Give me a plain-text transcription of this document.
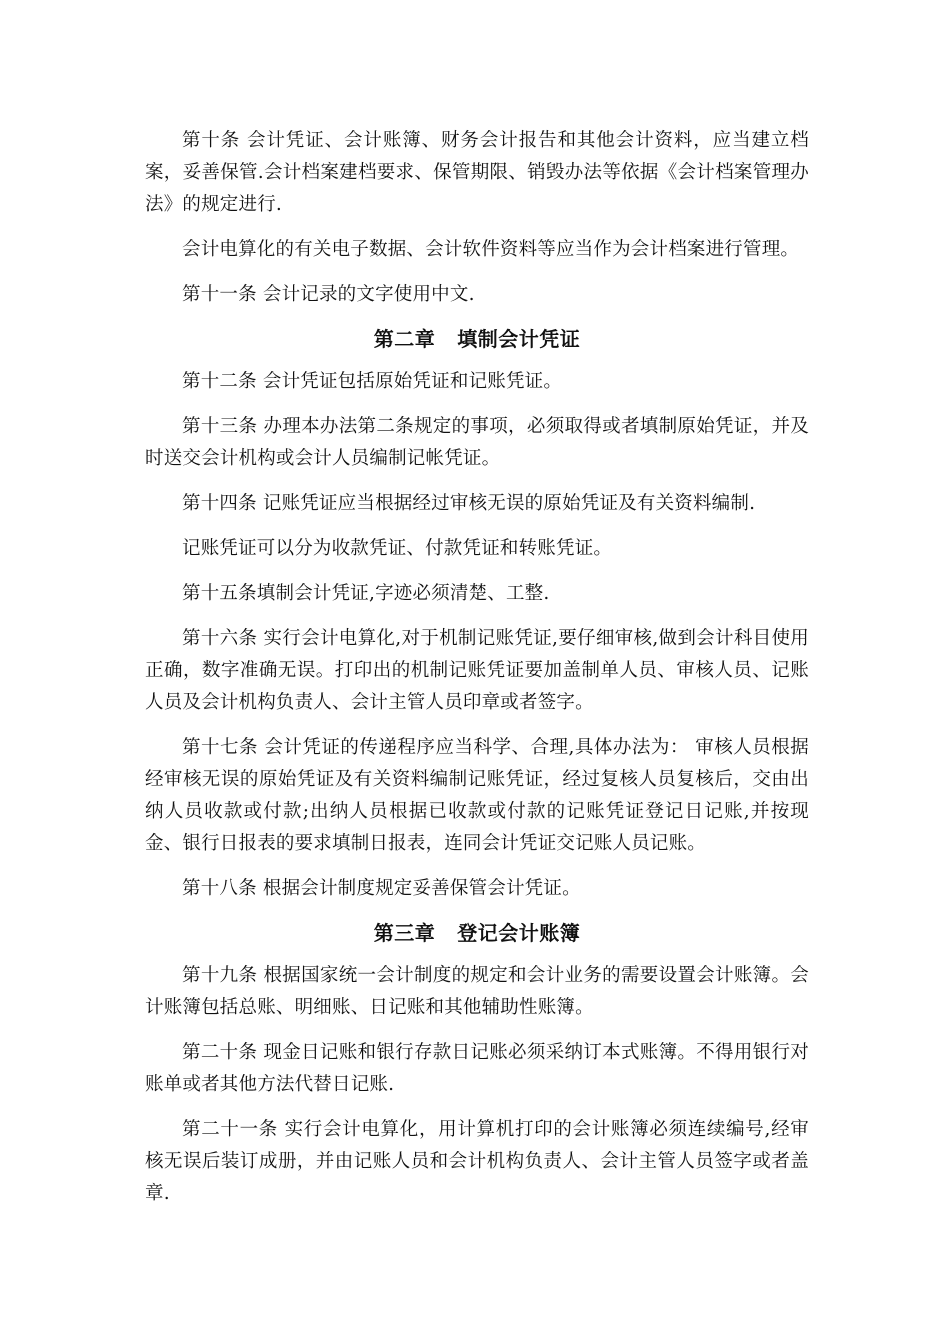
第十条 会计凭证、会计账簿、财务会计报告和其他会计资料，应当建立档案，妥善保管.会计档案建档要求、保管期限、销毁办法等依据《会计档案管理办法》的规定进行.

会计电算化的有关电子数据、会计软件资料等应当作为会计档案进行管理。

第十一条 会计记录的文字使用中文.

第二章 填制会计凭证

第十二条 会计凭证包括原始凭证和记账凭证。

第十三条 办理本办法第二条规定的事项，必须取得或者填制原始凭证，并及时送交会计机构或会计人员编制记帐凭证。

第十四条 记账凭证应当根据经过审核无误的原始凭证及有关资料编制.

记账凭证可以分为收款凭证、付款凭证和转账凭证。

第十五条填制会计凭证,字迹必须清楚、工整.

第十六条 实行会计电算化,对于机制记账凭证,要仔细审核,做到会计科目使用正确，数字准确无误。打印出的机制记账凭证要加盖制单人员、审核人员、记账人员及会计机构负责人、会计主管人员印章或者签字。

第十七条 会计凭证的传递程序应当科学、合理,具体办法为： 审核人员根据经审核无误的原始凭证及有关资料编制记账凭证，经过复核人员复核后，交由出纳人员收款或付款;出纳人员根据已收款或付款的记账凭证登记日记账,并按现金、银行日报表的要求填制日报表，连同会计凭证交记账人员记账。

第十八条 根据会计制度规定妥善保管会计凭证。

第三章 登记会计账簿

第十九条 根据国家统一会计制度的规定和会计业务的需要设置会计账簿。会计账簿包括总账、明细账、日记账和其他辅助性账簿。

第二十条 现金日记账和银行存款日记账必须采纳订本式账簿。不得用银行对账单或者其他方法代替日记账.

第二十一条 实行会计电算化，用计算机打印的会计账簿必须连续编号,经审核无误后装订成册，并由记账人员和会计机构负责人、会计主管人员签字或者盖章.
